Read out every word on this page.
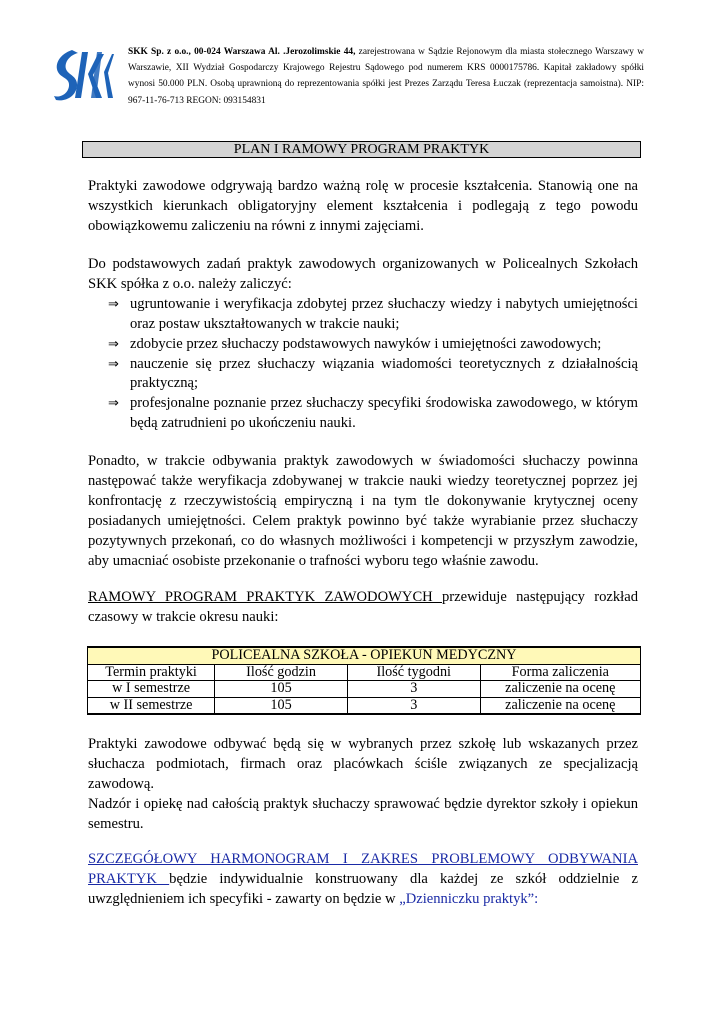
SKK Sp. z o.o., 00-024 Warszawa Al. .Jerozolimskie 44, zarejestrowana w Sądzie Rejonowym dla miasta stołecznego Warszawy w Warszawie, XII Wydział Gospodarczy Krajowego Rejestru Sądowego pod numerem KRS 0000175786. Kapitał zakładowy spółki wynosi 50.000 PLN. Osobą uprawnioną do reprezentowania spółki jest Prezes Zarządu Teresa Łuczak (reprezentacja samoistna). NIP: 967-11-76-713 REGON: 093154831
PLAN I RAMOWY PROGRAM PRAKTYK

Praktyki zawodowe odgrywają bardzo ważną rolę w procesie kształcenia. Stanowią one na

wszystkich kierunkach obligatoryjny element kształcenia i podlegają z tego powodu

obowiązkowemu zaliczeniu na równi z innymi zajęciami.

Do podstawowych zadań praktyk zawodowych organizowanych w Policealnych Szkołach

SKK spółka z o.o. należy zaliczyć:

⇒ ugruntowanie i weryfikacja zdobytej przez słuchaczy wiedzy i nabytych umiejętności oraz postaw ukształtowanych w trakcie nauki;
⇒ zdobycie przez słuchaczy podstawowych nawyków i umiejętności zawodowych;
⇒ nauczenie się przez słuchaczy wiązania wiadomości teoretycznych z działalnością praktyczną;
⇒ profesjonalne poznanie przez słuchaczy specyfiki środowiska zawodowego, w którym będą zatrudnieni po ukończeniu nauki.

Ponadto, w trakcie odbywania praktyk zawodowych w świadomości słuchaczy powinna następować także weryfikacja zdobywanej w trakcie nauki wiedzy teoretycznej poprzez jej konfrontację z rzeczywistością empiryczną i na tym tle dokonywanie krytycznej oceny posiadanych umiejętności. Celem praktyk powinno być także wyrabianie przez słuchaczy pozytywnych przekonań, co do własnych możliwości i kompetencji w przyszłym zawodzie, aby umacniać osobiste przekonanie o trafności wyboru tego właśnie zawodu.

RAMOWY PROGRAM PRAKTYK ZAWODOWYCH przewiduje następujący rozkład czasowy w trakcie okresu nauki:

POLICEALNA SZKOŁA - OPIEKUN MEDYCZNY			
Termin praktyki	Ilość godzin	Ilość tygodni	Forma zaliczenia
w I semestrze	105	3	zaliczenie na ocenę
w II semestrze	105	3	zaliczenie na ocenę

Praktyki zawodowe odbywać będą się w wybranych przez szkołę lub wskazanych przez słuchacza podmiotach, firmach oraz placówkach ściśle związanych ze specjalizacją zawodową.

Nadzór i opiekę nad całością praktyk słuchaczy sprawować będzie dyrektor szkoły i opiekun semestru.

SZCZEGÓŁOWY HARMONOGRAM I ZAKRES PROBLEMOWY ODBYWANIA PRAKTYK będzie indywidualnie konstruowany dla każdej ze szkół oddzielnie z uwzględnieniem ich specyfiki - zawarty on będzie w „Dzienniczku praktyk”:
